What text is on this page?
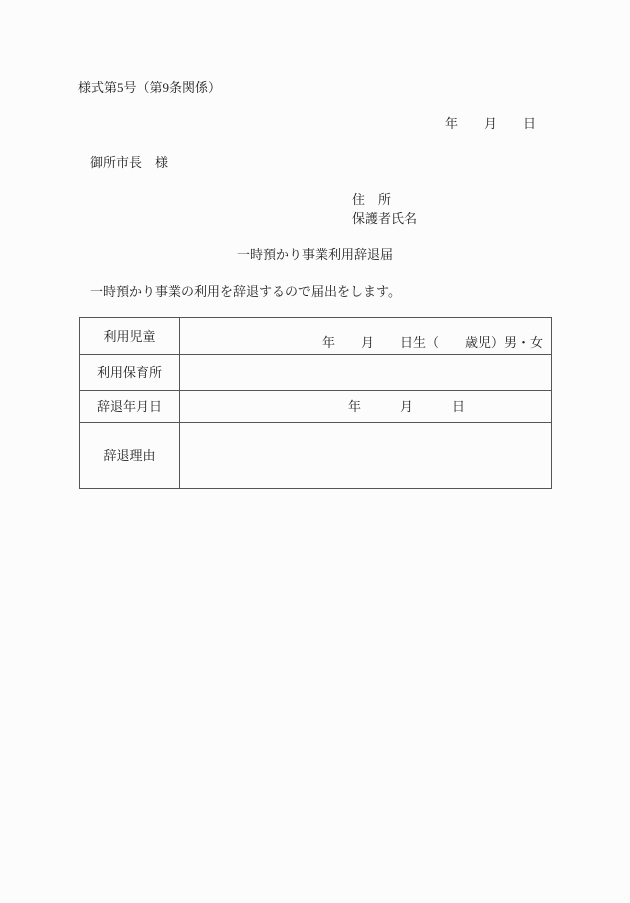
様式第5号（第9条関係）
年　　月　　日
御所市長　様
住　所
保護者氏名
一時預かり事業利用辞退届
一時預かり事業の利用を辞退するので届出をします。
利用児童	年　　月　　日生（　　歳児）男・女
利用保育所
辞退年月日	年　　　月　　　日
辞退理由
